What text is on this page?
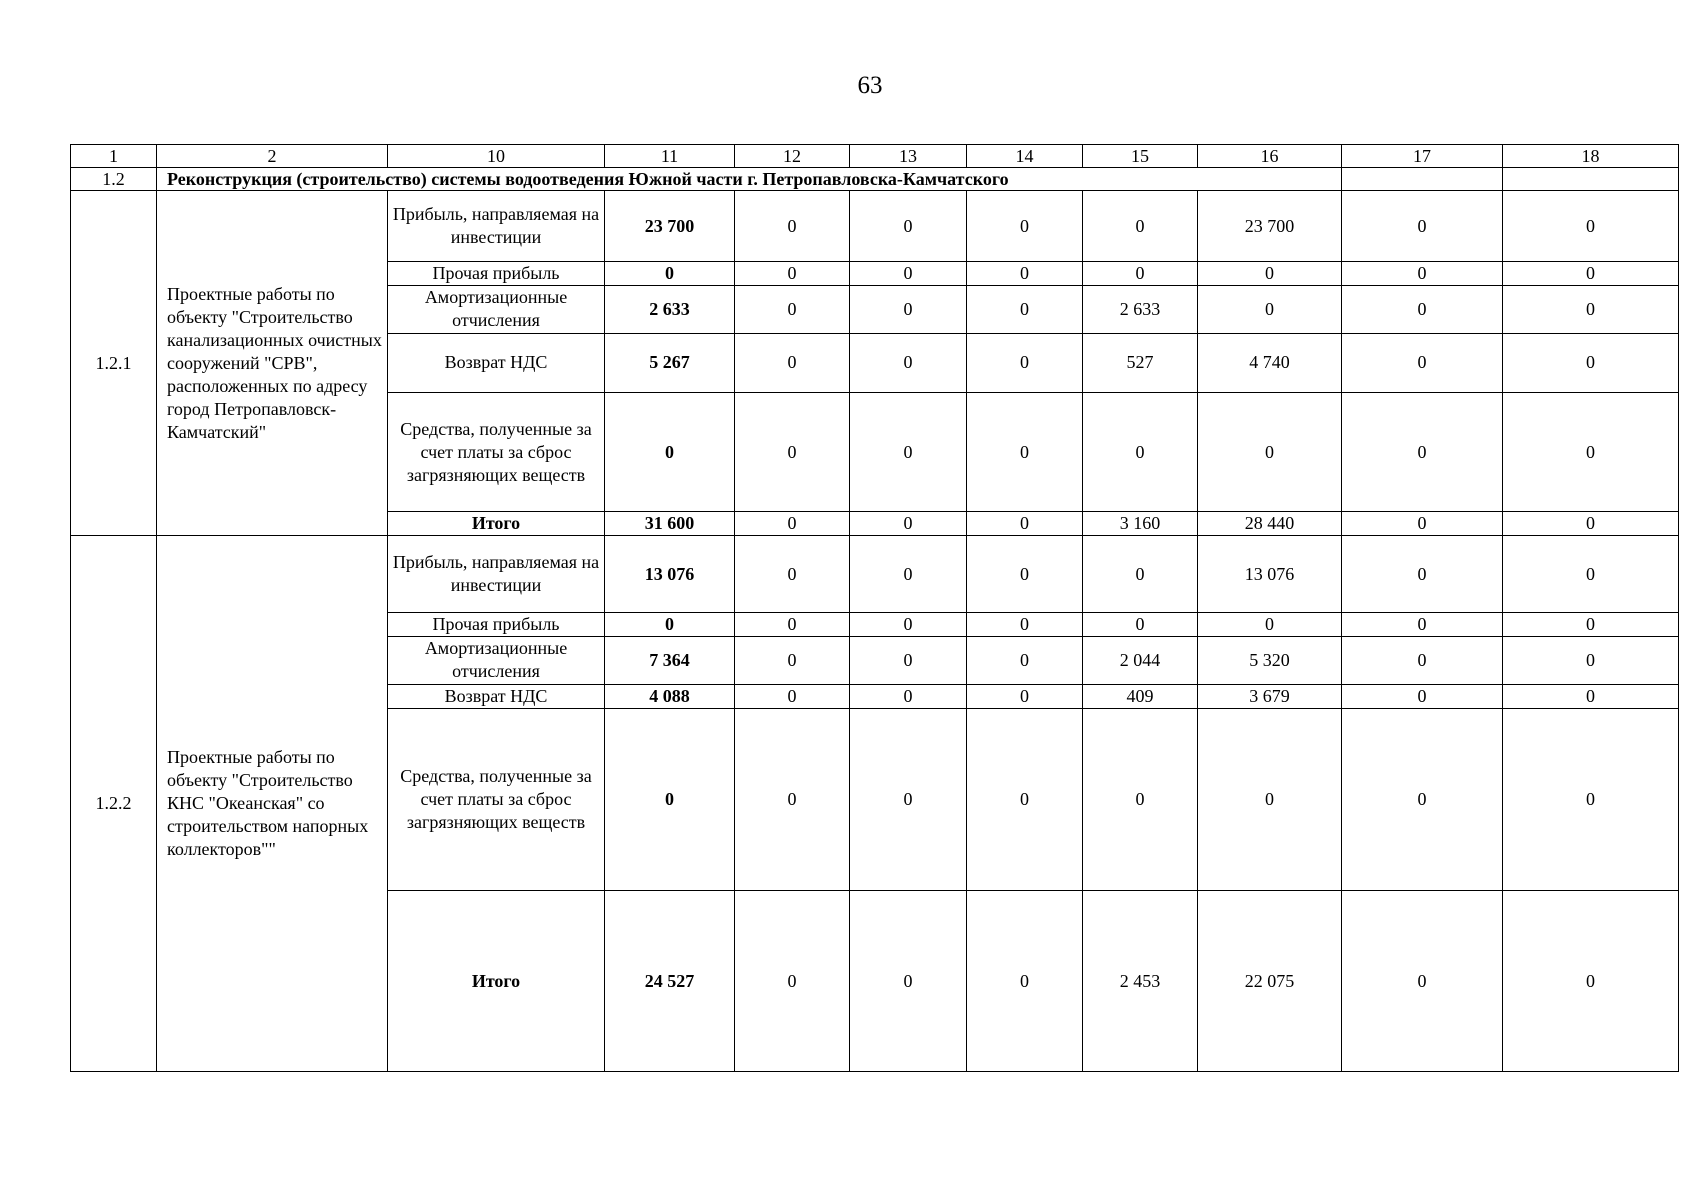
63
1	2	10	11	12	13	14	15	16	17	18
1.2	Реконструкция (строительство) системы водоотведения Южной части г. Петропавловска-Камчатского									
1.2.1	Проектные работы по объекту "Строительство канализационных очистных сооружений "СРВ", расположенных по адресу город Петропавловск-Камчатский"	Прибыль, направляемая на инвестиции	23 700	0	0	0	0	23 700	0	0
		Прочая прибыль	0	0	0	0	0	0	0	0
		Амортизационные отчисления	2 633	0	0	0	2 633	0	0	0
		Возврат НДС	5 267	0	0	0	527	4 740	0	0
		Средства, полученные за счет платы за сброс загрязняющих веществ	0	0	0	0	0	0	0	0
		Итого	31 600	0	0	0	3 160	28 440	0	0
1.2.2	Проектные работы по объекту "Строительство КНС "Океанская" со строительством напорных коллекторов""	Прибыль, направляемая на инвестиции	13 076	0	0	0	0	13 076	0	0
		Прочая прибыль	0	0	0	0	0	0	0	0
		Амортизационные отчисления	7 364	0	0	0	2 044	5 320	0	0
		Возврат НДС	4 088	0	0	0	409	3 679	0	0
		Средства, полученные за счет платы за сброс загрязняющих веществ	0	0	0	0	0	0	0	0
		Итого	24 527	0	0	0	2 453	22 075	0	0
